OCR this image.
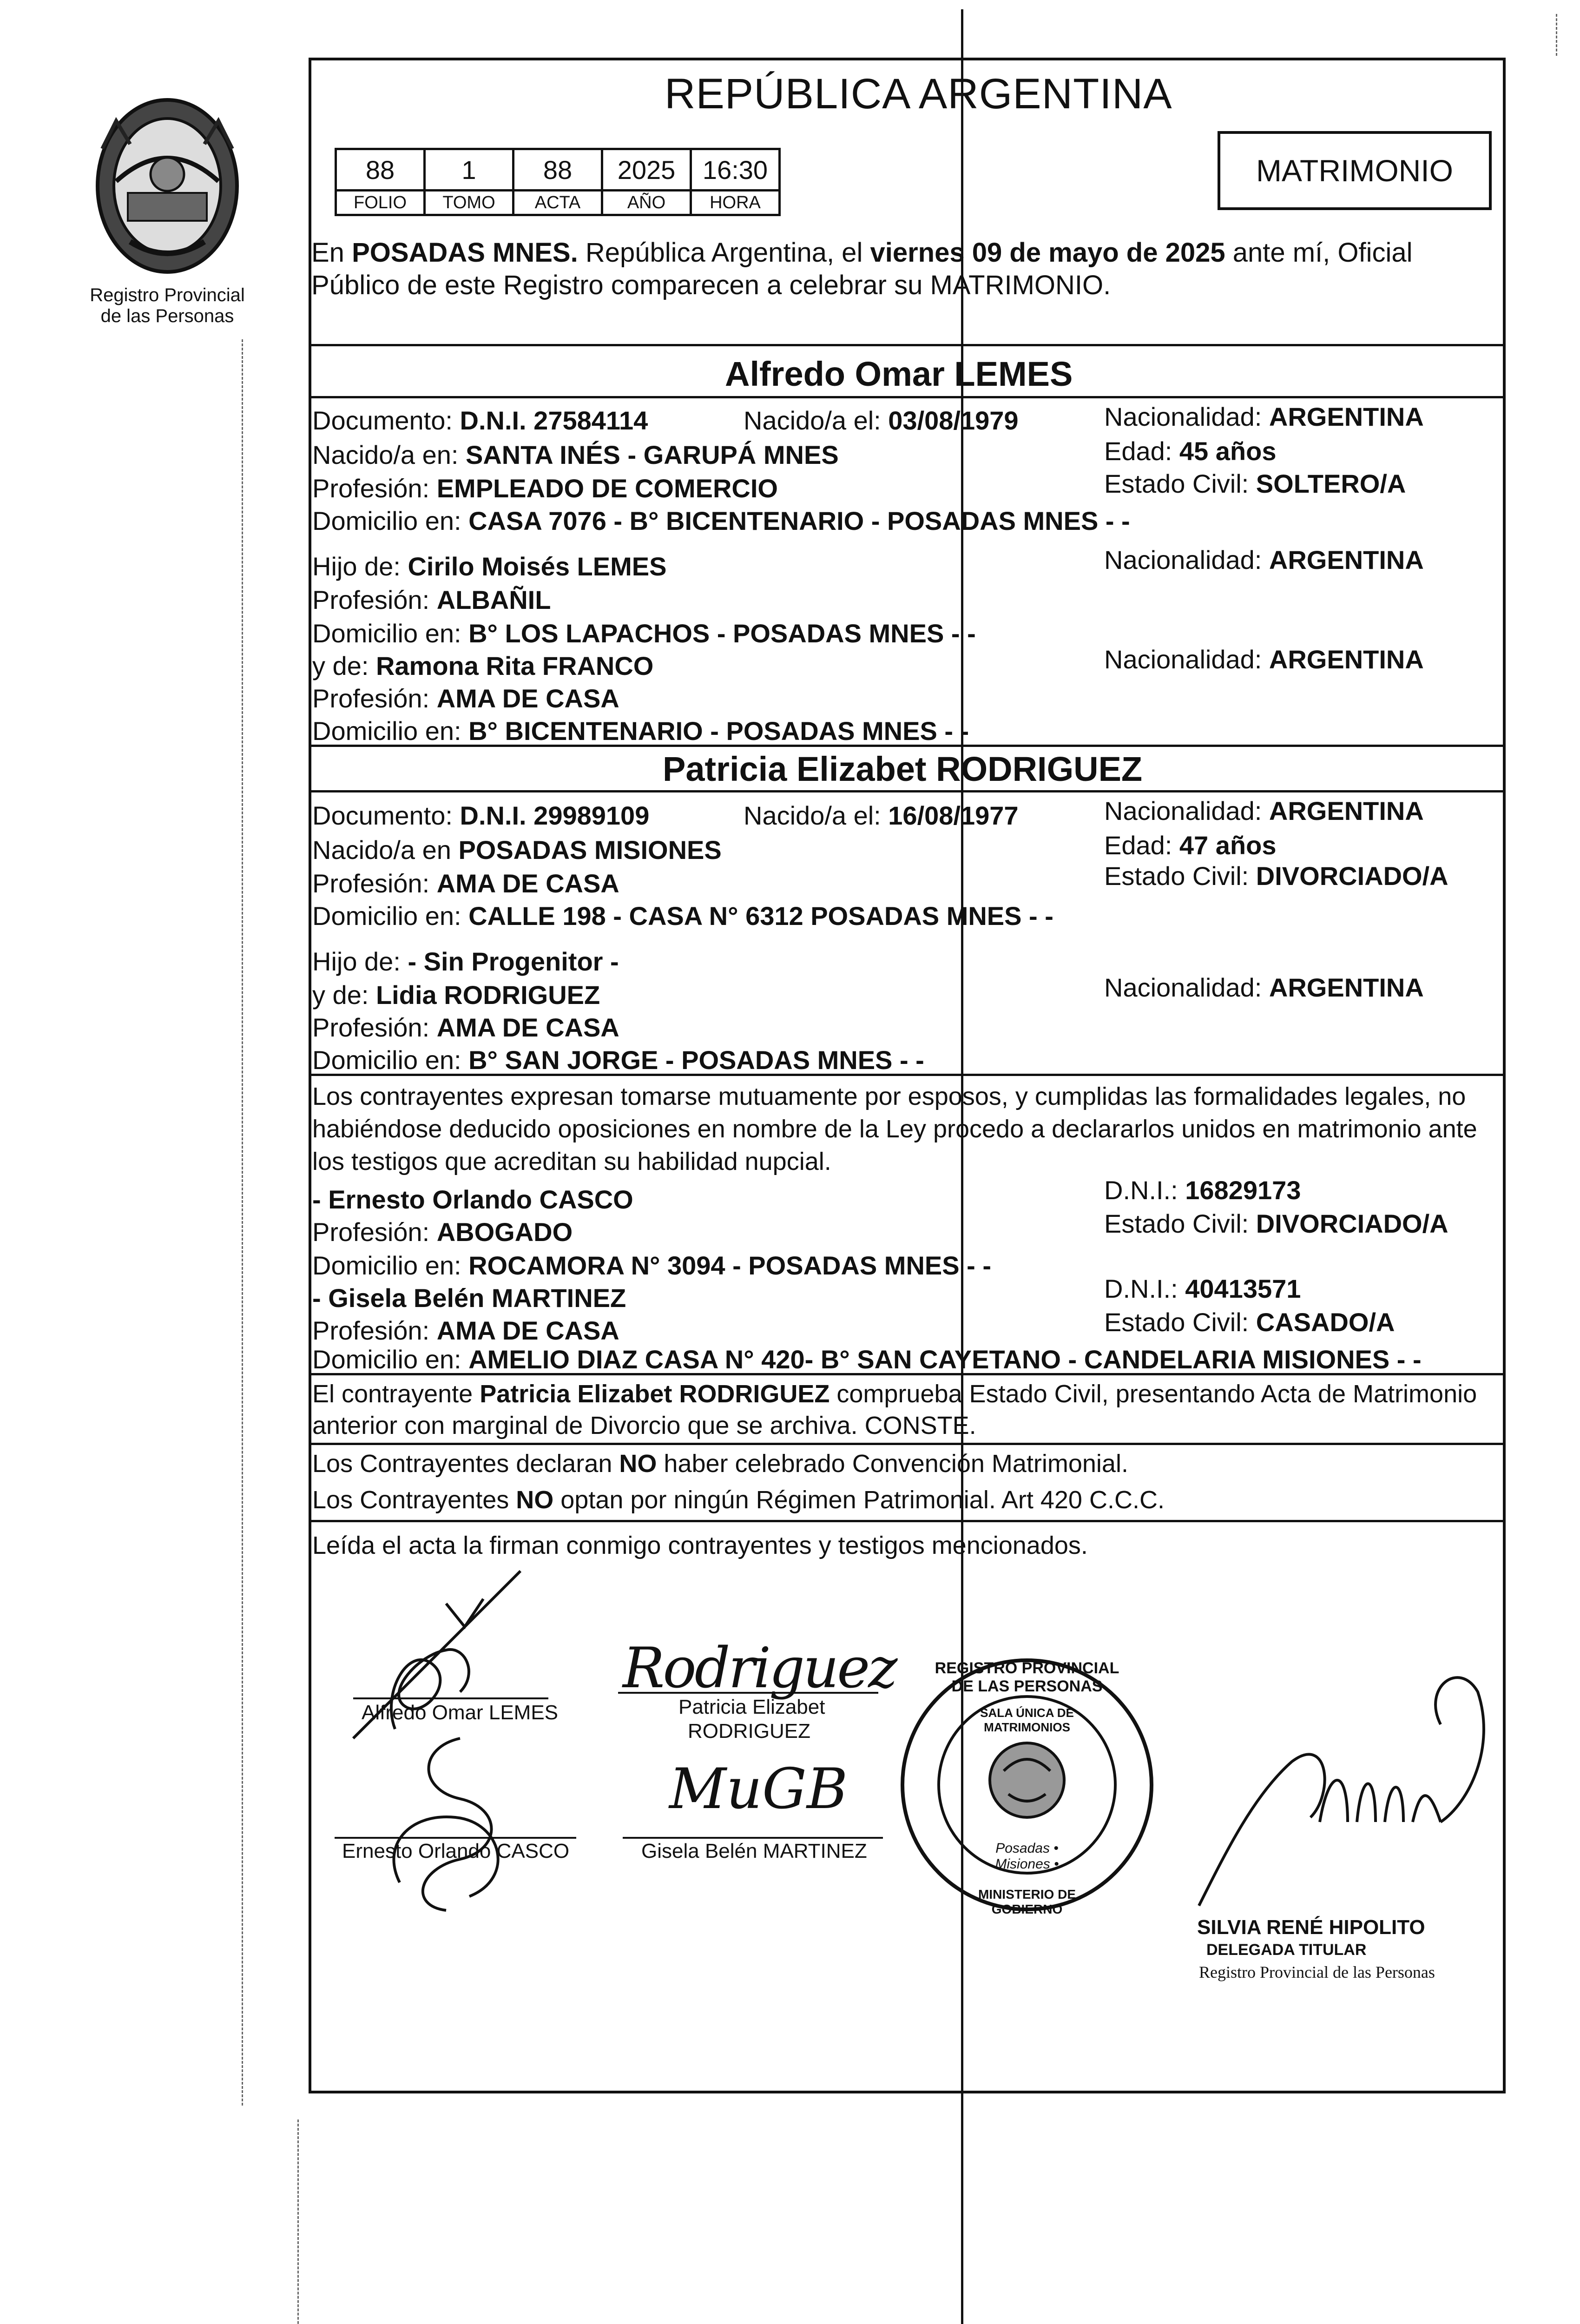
Registro Provincial
de las Personas
REPÚBLICA ARGENTINA
88	1	88	2025	16:30
FOLIO	TOMO	ACTA	AÑO	HORA
MATRIMONIO
En POSADAS MNES. República Argentina, el viernes 09 de mayo de 2025 ante mí, Oficial
Público de este Registro comparecen a celebrar su MATRIMONIO.
Alfredo Omar LEMES
Documento: D.N.I. 27584114	Nacido/a el: 03/08/1979	Nacionalidad: ARGENTINA
Nacido/a en: SANTA INÉS - GARUPÁ MNES	Edad: 45 años
Profesión: EMPLEADO DE COMERCIO	Estado Civil: SOLTERO/A
Domicilio en: CASA 7076 - B° BICENTENARIO - POSADAS MNES - -
Hijo de: Cirilo Moisés LEMES	Nacionalidad: ARGENTINA
Profesión: ALBAÑIL
Domicilio en: B° LOS LAPACHOS - POSADAS MNES - -
y de: Ramona Rita FRANCO	Nacionalidad: ARGENTINA
Profesión: AMA DE CASA
Domicilio en: B° BICENTENARIO - POSADAS MNES - -
Patricia Elizabet RODRIGUEZ
Documento: D.N.I. 29989109	Nacido/a el: 16/08/1977	Nacionalidad: ARGENTINA
Nacido/a en POSADAS MISIONES	Edad: 47 años
Profesión: AMA DE CASA	Estado Civil: DIVORCIADO/A
Domicilio en: CALLE 198 - CASA N° 6312 POSADAS MNES - -
Hijo de: - Sin Progenitor -
y de: Lidia RODRIGUEZ	Nacionalidad: ARGENTINA
Profesión: AMA DE CASA
Domicilio en: B° SAN JORGE - POSADAS MNES - -
Los contrayentes expresan tomarse mutuamente por esposos, y cumplidas las formalidades legales, no
habiéndose deducido oposiciones en nombre de la Ley procedo a declararlos unidos en matrimonio ante
los testigos que acreditan su habilidad nupcial.
- Ernesto Orlando CASCO	D.N.I.: 16829173
Profesión: ABOGADO	Estado Civil: DIVORCIADO/A
Domicilio en: ROCAMORA N° 3094 - POSADAS MNES - -
- Gisela Belén MARTINEZ	D.N.I.: 40413571
Profesión: AMA DE CASA	Estado Civil: CASADO/A
Domicilio en: AMELIO DIAZ CASA N° 420- B° SAN CAYETANO - CANDELARIA MISIONES - -
El contrayente Patricia Elizabet RODRIGUEZ comprueba Estado Civil, presentando Acta de Matrimonio
anterior con marginal de Divorcio que se archiva. CONSTE.
Los Contrayentes declaran NO haber celebrado Convención Matrimonial.
Los Contrayentes NO optan por ningún Régimen Patrimonial. Art 420 C.C.C.
Leída el acta la firman conmigo contrayentes y testigos mencionados.
Alfredo Omar LEMES
Rodriguez
Patricia Elizabet
RODRIGUEZ
Ernesto Orlando CASCO
MuGB
Gisela Belén MARTINEZ
REGISTRO PROVINCIAL DE LAS PERSONAS
SALA ÚNICA DE MATRIMONIOS
Posadas • Misiones •
MINISTERIO DE GOBIERNO
SILVIA RENÉ HIPOLITO
DELEGADA TITULAR
Registro Provincial de las Personas
